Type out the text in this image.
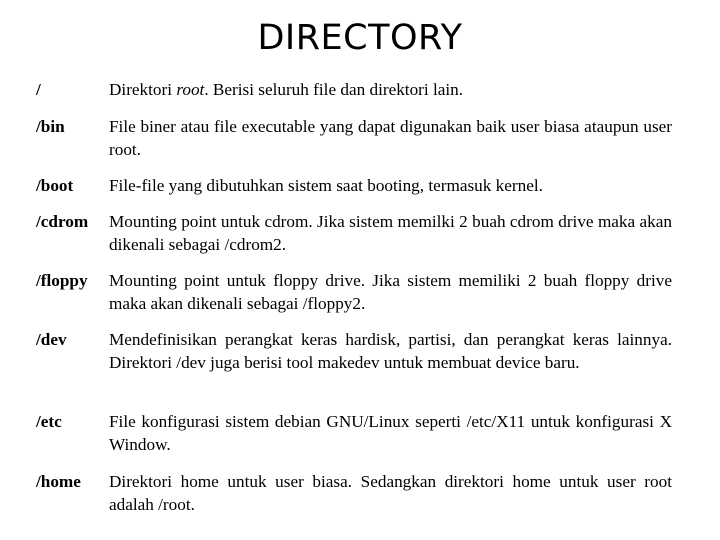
DIRECTORY
/	Direktori root. Berisi seluruh file dan direktori lain.
/bin	File biner atau file executable yang dapat digunakan baik user biasa ataupun user root.
/boot File-file yang dibutuhkan sistem saat booting, termasuk kernel.
/cdrom Mounting point untuk cdrom. Jika sistem memilki 2 buah cdrom drive maka akan dikenali sebagai /cdrom2.
/floppy Mounting point untuk floppy drive. Jika sistem memiliki 2 buah floppy drive maka akan dikenali sebagai /floppy2.
/dev Mendefinisikan perangkat keras hardisk, partisi, dan perangkat keras lainnya. Direktori /dev juga berisi tool makedev untuk membuat device baru.
/etc	File konfigurasi sistem debian GNU/Linux seperti /etc/X11 untuk konfigurasi X Window.
/home Direktori home untuk user biasa. Sedangkan direktori home untuk user root adalah /root.
